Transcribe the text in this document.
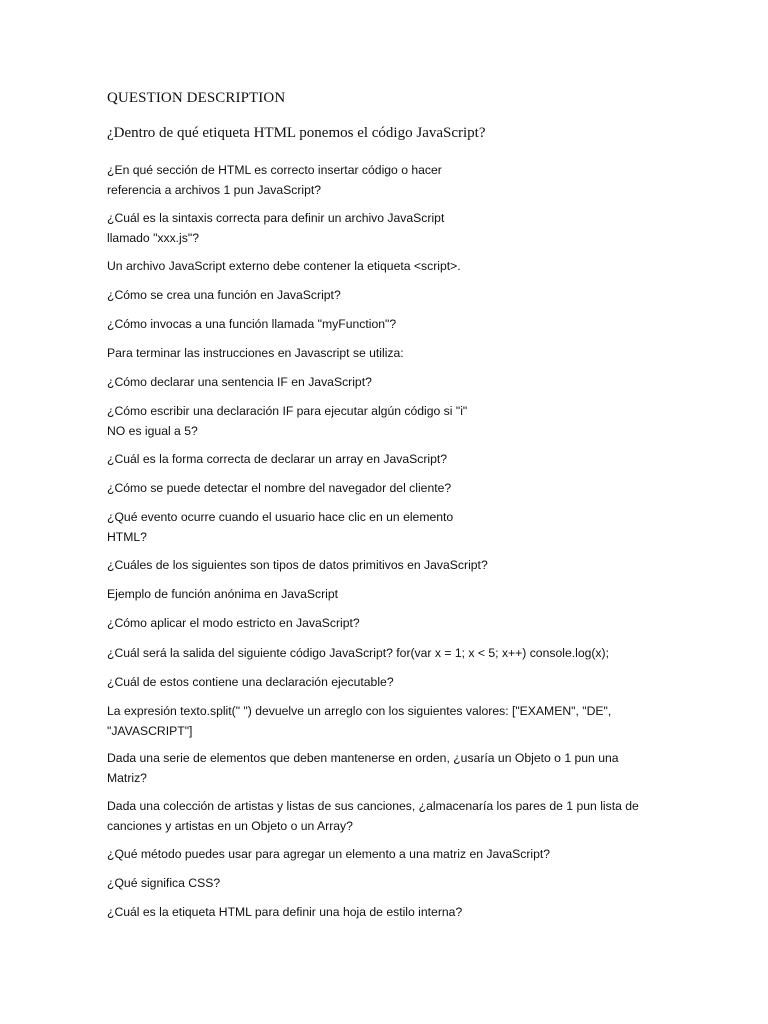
QUESTION DESCRIPTION
¿Dentro de qué etiqueta HTML ponemos el código JavaScript?
¿En qué sección de HTML es correcto insertar código o hacer
referencia a archivos 1 pun JavaScript?
¿Cuál es la sintaxis correcta para definir un archivo JavaScript
llamado "xxx.js"?
Un archivo JavaScript externo debe contener la etiqueta <script>.
¿Cómo se crea una función en JavaScript?
¿Cómo invocas a una función llamada "myFunction"?
Para terminar las instrucciones en Javascript se utiliza:
¿Cómo declarar una sentencia IF en JavaScript?
¿Cómo escribir una declaración IF para ejecutar algún código si "i"
NO es igual a 5?
¿Cuál es la forma correcta de declarar un array en JavaScript?
¿Cómo se puede detectar el nombre del navegador del cliente?
¿Qué evento ocurre cuando el usuario hace clic en un elemento
HTML?
¿Cuáles de los siguientes son tipos de datos primitivos en JavaScript?
Ejemplo de función anónima en JavaScript
¿Cómo aplicar el modo estricto en JavaScript?
¿Cuál será la salida del siguiente código JavaScript? for(var x = 1; x < 5; x++) console.log(x);
¿Cuál de estos contiene una declaración ejecutable?
La expresión texto.split(" ") devuelve un arreglo con los siguientes valores: ["EXAMEN", "DE",
"JAVASCRIPT"]
Dada una serie de elementos que deben mantenerse en orden, ¿usaría un Objeto o 1 pun una
Matriz?
Dada una colección de artistas y listas de sus canciones, ¿almacenaría los pares de 1 pun lista de
canciones y artistas en un Objeto o un Array?
¿Qué método puedes usar para agregar un elemento a una matriz en JavaScript?
¿Qué significa CSS?
¿Cuál es la etiqueta HTML para definir una hoja de estilo interna?
